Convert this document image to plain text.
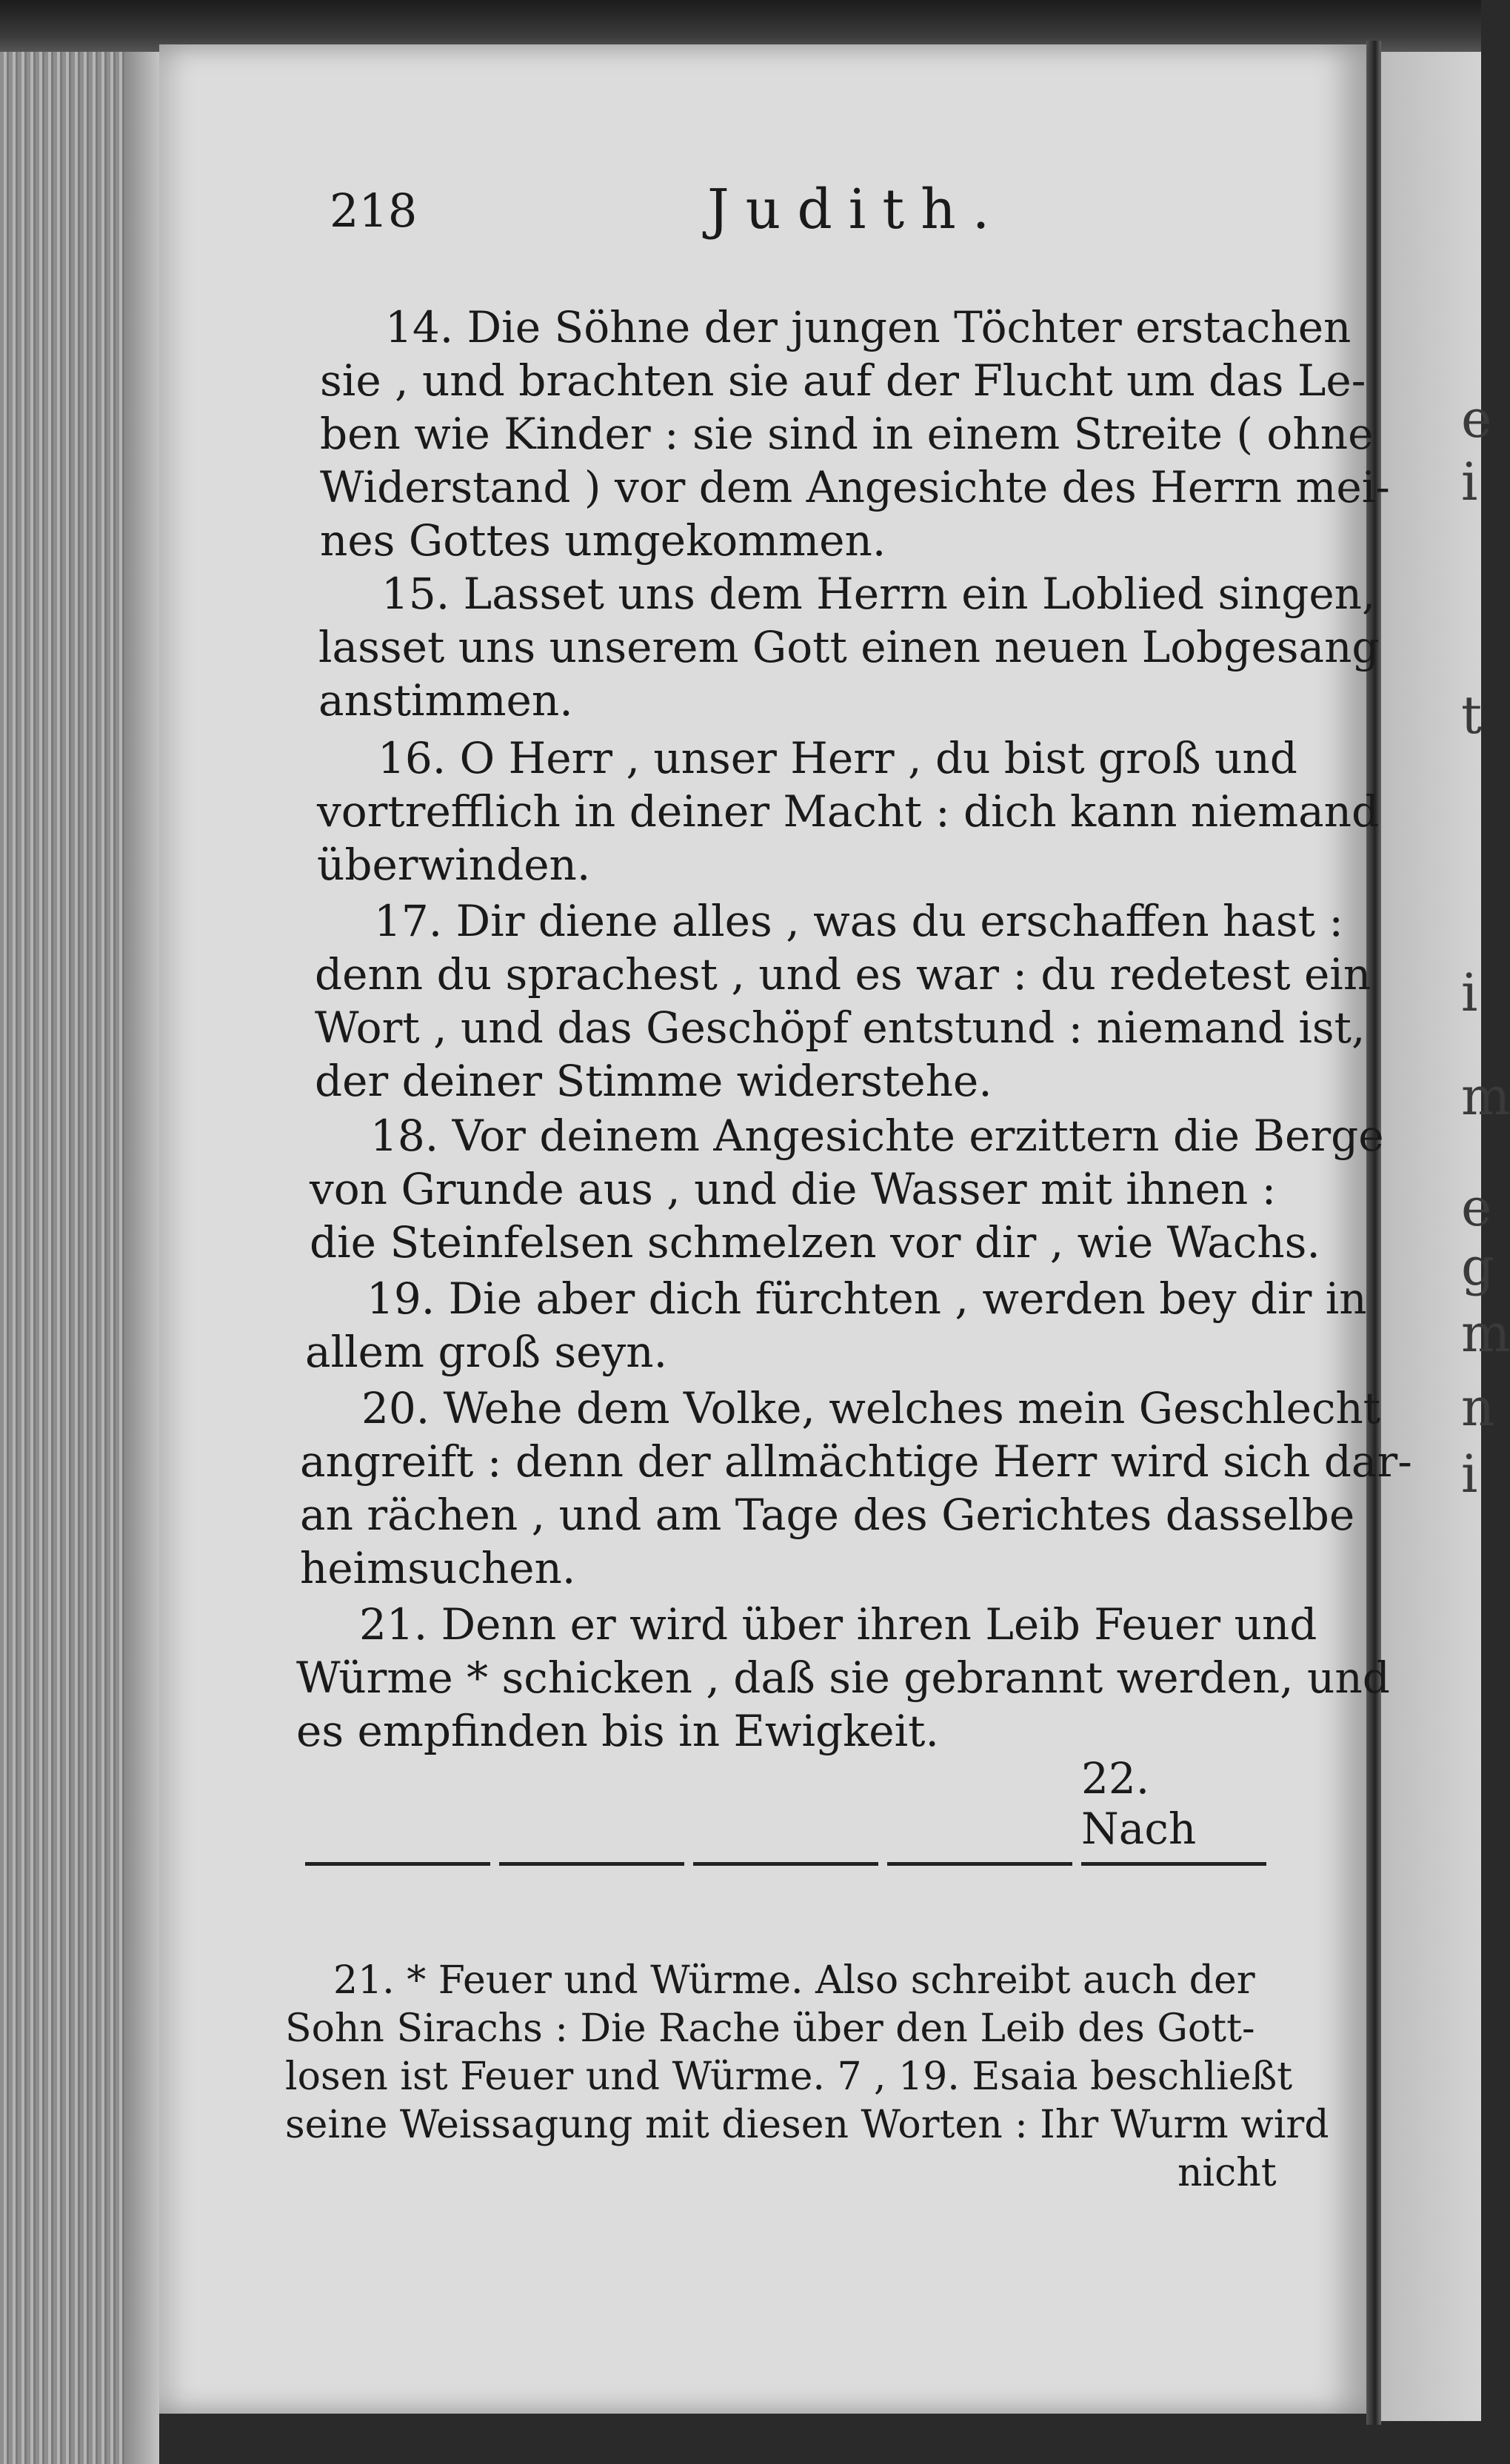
e
i
t
i
m
e
g
m
n
i
218	Judith.
14. Die Söhne der jungen Töchter erstachen
sie , und brachten sie auf der Flucht um das Le-
ben wie Kinder : sie sind in einem Streite ( ohne
Widerstand ) vor dem Angesichte des Herrn mei-
nes Gottes umgekommen.
15. Lasset uns dem Herrn ein Loblied singen,
lasset uns unserem Gott einen neuen Lobgesang
anstimmen.
16. O Herr , unser Herr , du bist groß und
vortrefflich in deiner Macht : dich kann niemand
überwinden.
17. Dir diene alles , was du erschaffen hast :
denn du sprachest , und es war : du redetest ein
Wort , und das Geschöpf entstund : niemand ist,
der deiner Stimme widerstehe.
18. Vor deinem Angesichte erzittern die Berge
von Grunde aus , und die Wasser mit ihnen :
die Steinfelsen schmelzen vor dir , wie Wachs.
19. Die aber dich fürchten , werden bey dir in
allem groß seyn.
20. Wehe dem Volke, welches mein Geschlecht
angreift : denn der allmächtige Herr wird sich dar-
an rächen , und am Tage des Gerichtes dasselbe
heimsuchen.
21. Denn er wird über ihren Leib Feuer und
Würme * schicken , daß sie gebrannt werden, und
es empfinden bis in Ewigkeit.
22. Nach
21. * Feuer und Würme. Also schreibt auch der
Sohn Sirachs : Die Rache über den Leib des Gott-
losen ist Feuer und Würme. 7 , 19. Esaia beschließt
seine Weissagung mit diesen Worten : Ihr Wurm wird
nicht
